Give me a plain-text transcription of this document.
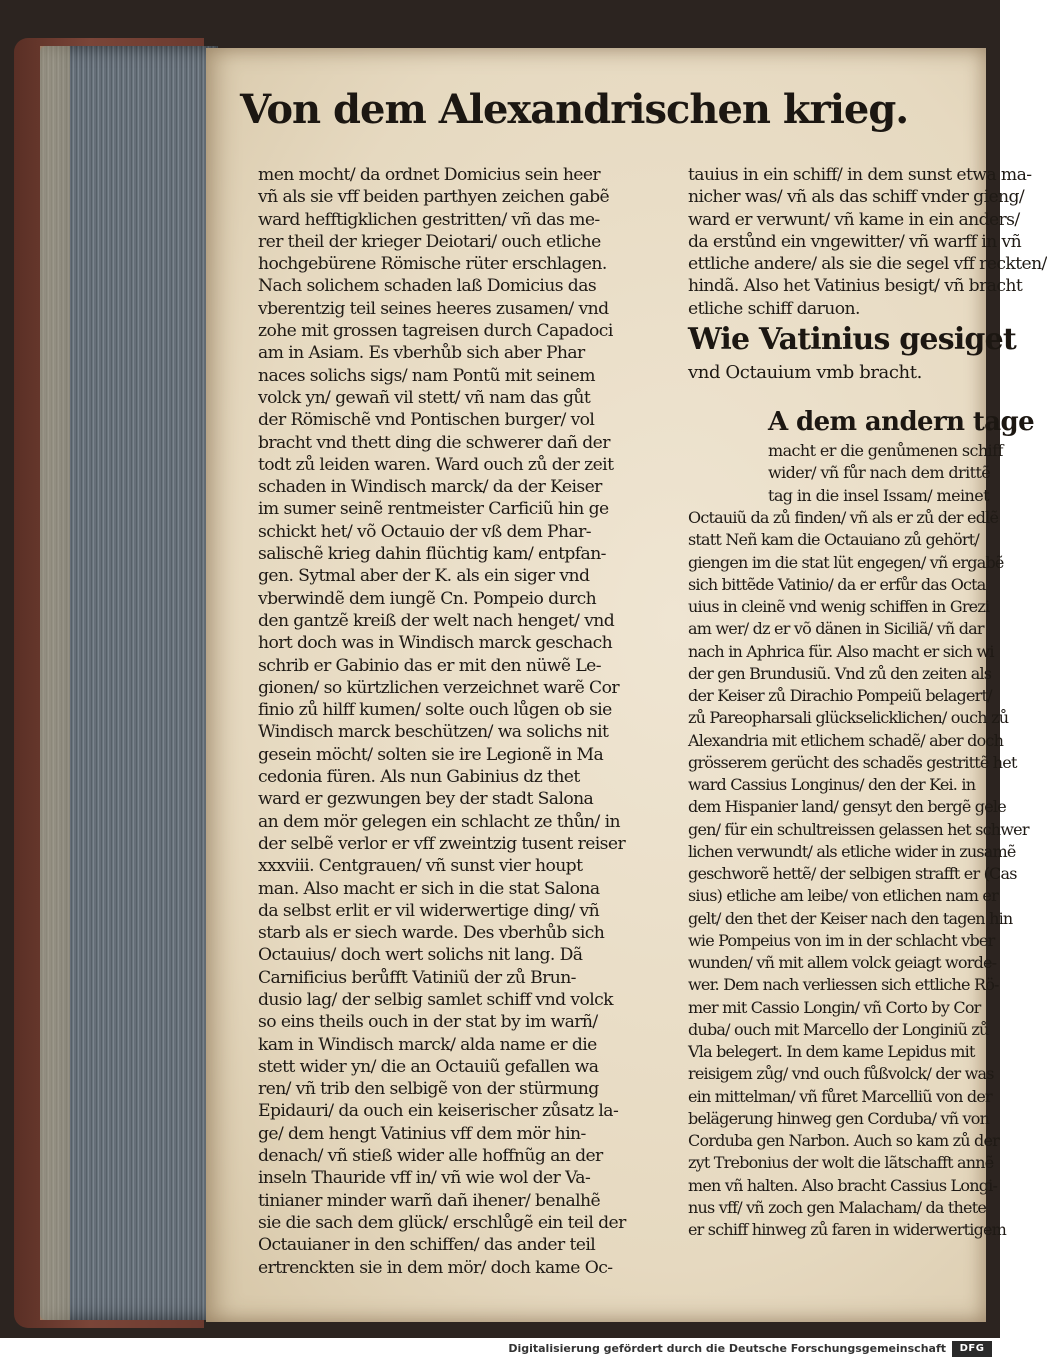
Von dem Alexandrischen krieg.
men mocht/ da ordnet Domicius sein heer
vñ als sie vff beiden parthyen zeichen gabẽ
ward hefftigklichen gestritten/ vñ das me‑
rer theil der krieger Deiotari/ ouch etliche
hochgebürene Römische rüter erschlagen.
Nach solichem schaden laß Domicius das
vberentzig teil seines heeres zusamen/ vnd
zohe mit grossen tagreisen durch Capadoci
am in Asiam. Es vberhůb sich aber Phar
naces solichs sigs/ nam Pontũ mit seinem
volck yn/ gewañ vil stett/ vñ nam das gůt
der Römischẽ vnd Pontischen burger/ vol
bracht vnd thett ding die schwerer dañ der
todt zů leiden waren. Ward ouch zů der zeit
schaden in Windisch marck/ da der Keiser
im sumer seinẽ rentmeister Carficiũ hin ge
schickt het/ võ Octauio der vß dem Phar‑
salischẽ krieg dahin flüchtig kam/ entpfan‑
gen. Sytmal aber der K. als ein siger vnd
vberwindẽ dem iungẽ Cn. Pompeio durch
den gantzẽ kreiß der welt nach henget/ vnd
hort doch was in Windisch marck geschach
schrib er Gabinio das er mit den nüwẽ Le‑
gionen/ so kürtzlichen verzeichnet warẽ Cor
finio zů hilff kumen/ solte ouch lůgen ob sie
Windisch marck beschützen/ wa solichs nit
gesein möcht/ solten sie ire Legionẽ in Ma
cedonia füren. Als nun Gabinius dz thet
ward er gezwungen bey der stadt Salona
an dem mör gelegen ein schlacht ze thůn/ in
der selbẽ verlor er vff zweintzig tusent reiser
xxxviii. Centgrauen/ vñ sunst vier houpt
man. Also macht er sich in die stat Salona
da selbst erlit er vil widerwertige ding/ vñ
starb als er siech warde. Des vberhůb sich
Octauius/ doch wert solichs nit lang. Dã
Carnificius berůfft Vatiniũ der zů Brun‑
dusio lag/ der selbig samlet schiff vnd volck
so eins theils ouch in der stat by im warñ/
kam in Windisch marck/ alda name er die
stett wider yn/ die an Octauiũ gefallen wa
ren/ vñ trib den selbigẽ von der stürmung
Epidauri/ da ouch ein keiserischer zůsatz la‑
ge/ dem hengt Vatinius vff dem mör hin‑
denach/ vñ stieß wider alle hoffnũg an der
inseln Thauride vff in/ vñ wie wol der Va‑
tinianer minder warñ dañ ihener/ benalhẽ
sie die sach dem glück/ erschlůgẽ ein teil der
Octauianer in den schiffen/ das ander teil
ertrenckten sie in dem mör/ doch kame Oc‑
tauius in ein schiff/ in dem sunst etwa ma‑
nicher was/ vñ als das schiff vnder gieng/
ward er verwunt/ vñ kame in ein anders/
da erstůnd ein vngewitter/ vñ warff in vñ
ettliche andere/ als sie die segel vff reckten/
hindã. Also het Vatinius besigt/ vñ bracht
etliche schiff daruon.
Wie Vatinius gesiget
vnd Octauium vmb bracht.
A dem andern tage
macht er die genůmenen schiff
wider/ vñ fůr nach dem drittẽ
tag in die insel Issam/ meinet
Octauiũ da zů finden/ vñ als er zů der edlẽ
statt Neñ kam die Octauiano zů gehört/
giengen im die stat lüt engegen/ vñ ergabẽ
sich bittẽde Vatinio/ da er erfůr das Octa
uius in cleinẽ vnd wenig schiffen in Grezi
am wer/ dz er võ dänen in Siciliã/ vñ dar
nach in Aphrica für. Also macht er sich wi
der gen Brundusiũ. Vnd zů den zeiten als
der Keiser zů Dirachio Pompeiũ belagert/
zů Pareopharsali glückselicklichen/ ouch zů
Alexandria mit etlichem schadẽ/ aber doch
grösserem gerücht des schadẽs gestrittẽ het
ward Cassius Longinus/ den der Kei. in
dem Hispanier land/ gensyt den bergẽ gele
gen/ für ein schultreissen gelassen het schwer
lichen verwundt/ als etliche wider in zusamẽ
geschworẽ hettẽ/ der selbigen strafft er (Cas
sius) etliche am leibe/ von etlichen nam er
gelt/ den thet der Keiser nach den tagen hin
wie Pompeius von im in der schlacht vber
wunden/ vñ mit allem volck geiagt worde‑
wer. Dem nach verliessen sich ettliche Rö‑
mer mit Cassio Longin/ vñ Corto by Cor
duba/ ouch mit Marcello der Longiniũ zů
Vla belegert. In dem kame Lepidus mit
reisigem zůg/ vnd ouch fůßvolck/ der was
ein mittelman/ vñ fůret Marcelliũ von der
belägerung hinweg gen Corduba/ vñ von
Corduba gen Narbon. Auch so kam zů der
zyt Trebonius der wolt die lãtschafft annẽ
men vñ halten. Also bracht Cassius Longi‑
nus vff/ vñ zoch gen Malacham/ da thete
er schiff hinweg zů faren in widerwertigem
Digitalisierung gefördert durch die Deutsche Forschungsgemeinschaft	DFG
